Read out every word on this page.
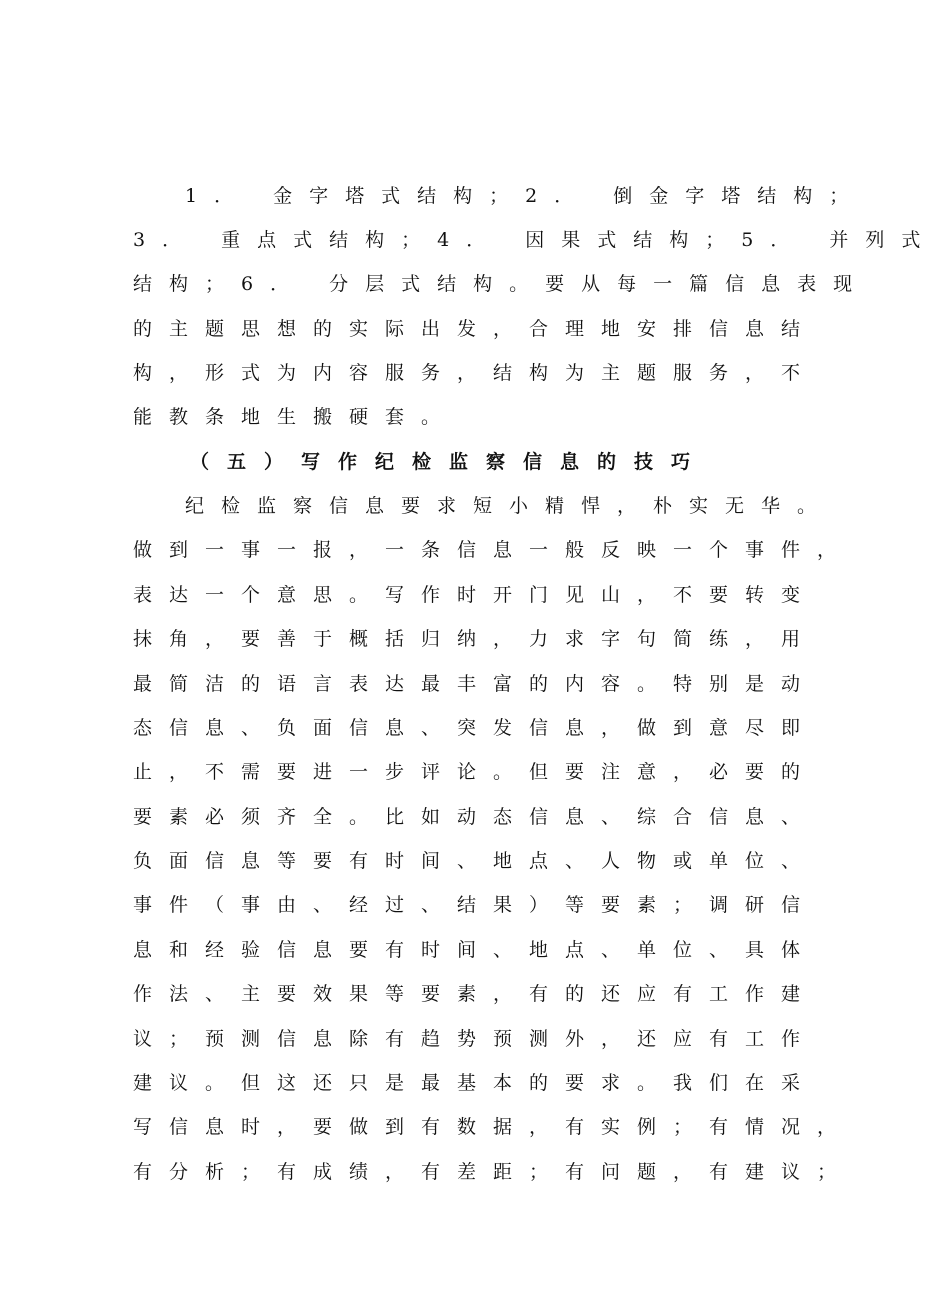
1． 金字塔式结构；2． 倒金字塔结构；
3． 重点式结构；4． 因果式结构；5． 并列式
结构；6． 分层式结构。要从每一篇信息表现
的主题思想的实际出发，合理地安排信息结
构，形式为内容服务，结构为主题服务，不
能教条地生搬硬套。
（五）写作纪检监察信息的技巧
纪检监察信息要求短小精悍，朴实无华。
做到一事一报，一条信息一般反映一个事件，
表达一个意思。写作时开门见山，不要转变
抹角，要善于概括归纳，力求字句简练，用
最简洁的语言表达最丰富的内容。特别是动
态信息、负面信息、突发信息，做到意尽即
止，不需要进一步评论。但要注意，必要的
要素必须齐全。比如动态信息、综合信息、
负面信息等要有时间、地点、人物或单位、
事件（事由、经过、结果）等要素；调研信
息和经验信息要有时间、地点、单位、具体
作法、主要效果等要素，有的还应有工作建
议；预测信息除有趋势预测外，还应有工作
建议。但这还只是最基本的要求。我们在采
写信息时，要做到有数据，有实例；有情况，
有分析；有成绩，有差距；有问题，有建议；
